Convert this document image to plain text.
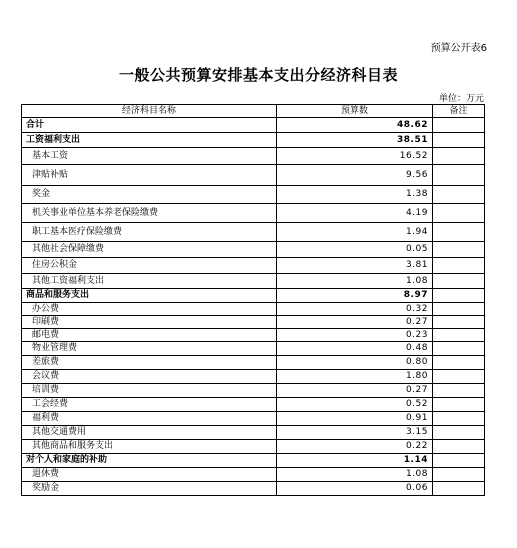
预算公开表6
一般公共预算安排基本支出分经济科目表
单位：万元
经济科目名称	预算数	备注
合计	48.62	
工资福利支出	38.51	
基本工资	16.52	
津贴补贴	9.56	
奖金	1.38	
机关事业单位基本养老保险缴费	4.19	
职工基本医疗保险缴费	1.94	
其他社会保障缴费	0.05	
住房公积金	3.81	
其他工资福利支出	1.08	
商品和服务支出	8.97	
办公费	0.32	
印刷费	0.27	
邮电费	0.23	
物业管理费	0.48	
差旅费	0.80	
会议费	1.80	
培训费	0.27	
工会经费	0.52	
福利费	0.91	
其他交通费用	3.15	
其他商品和服务支出	0.22	
对个人和家庭的补助	1.14	
退休费	1.08	
奖励金	0.06	
